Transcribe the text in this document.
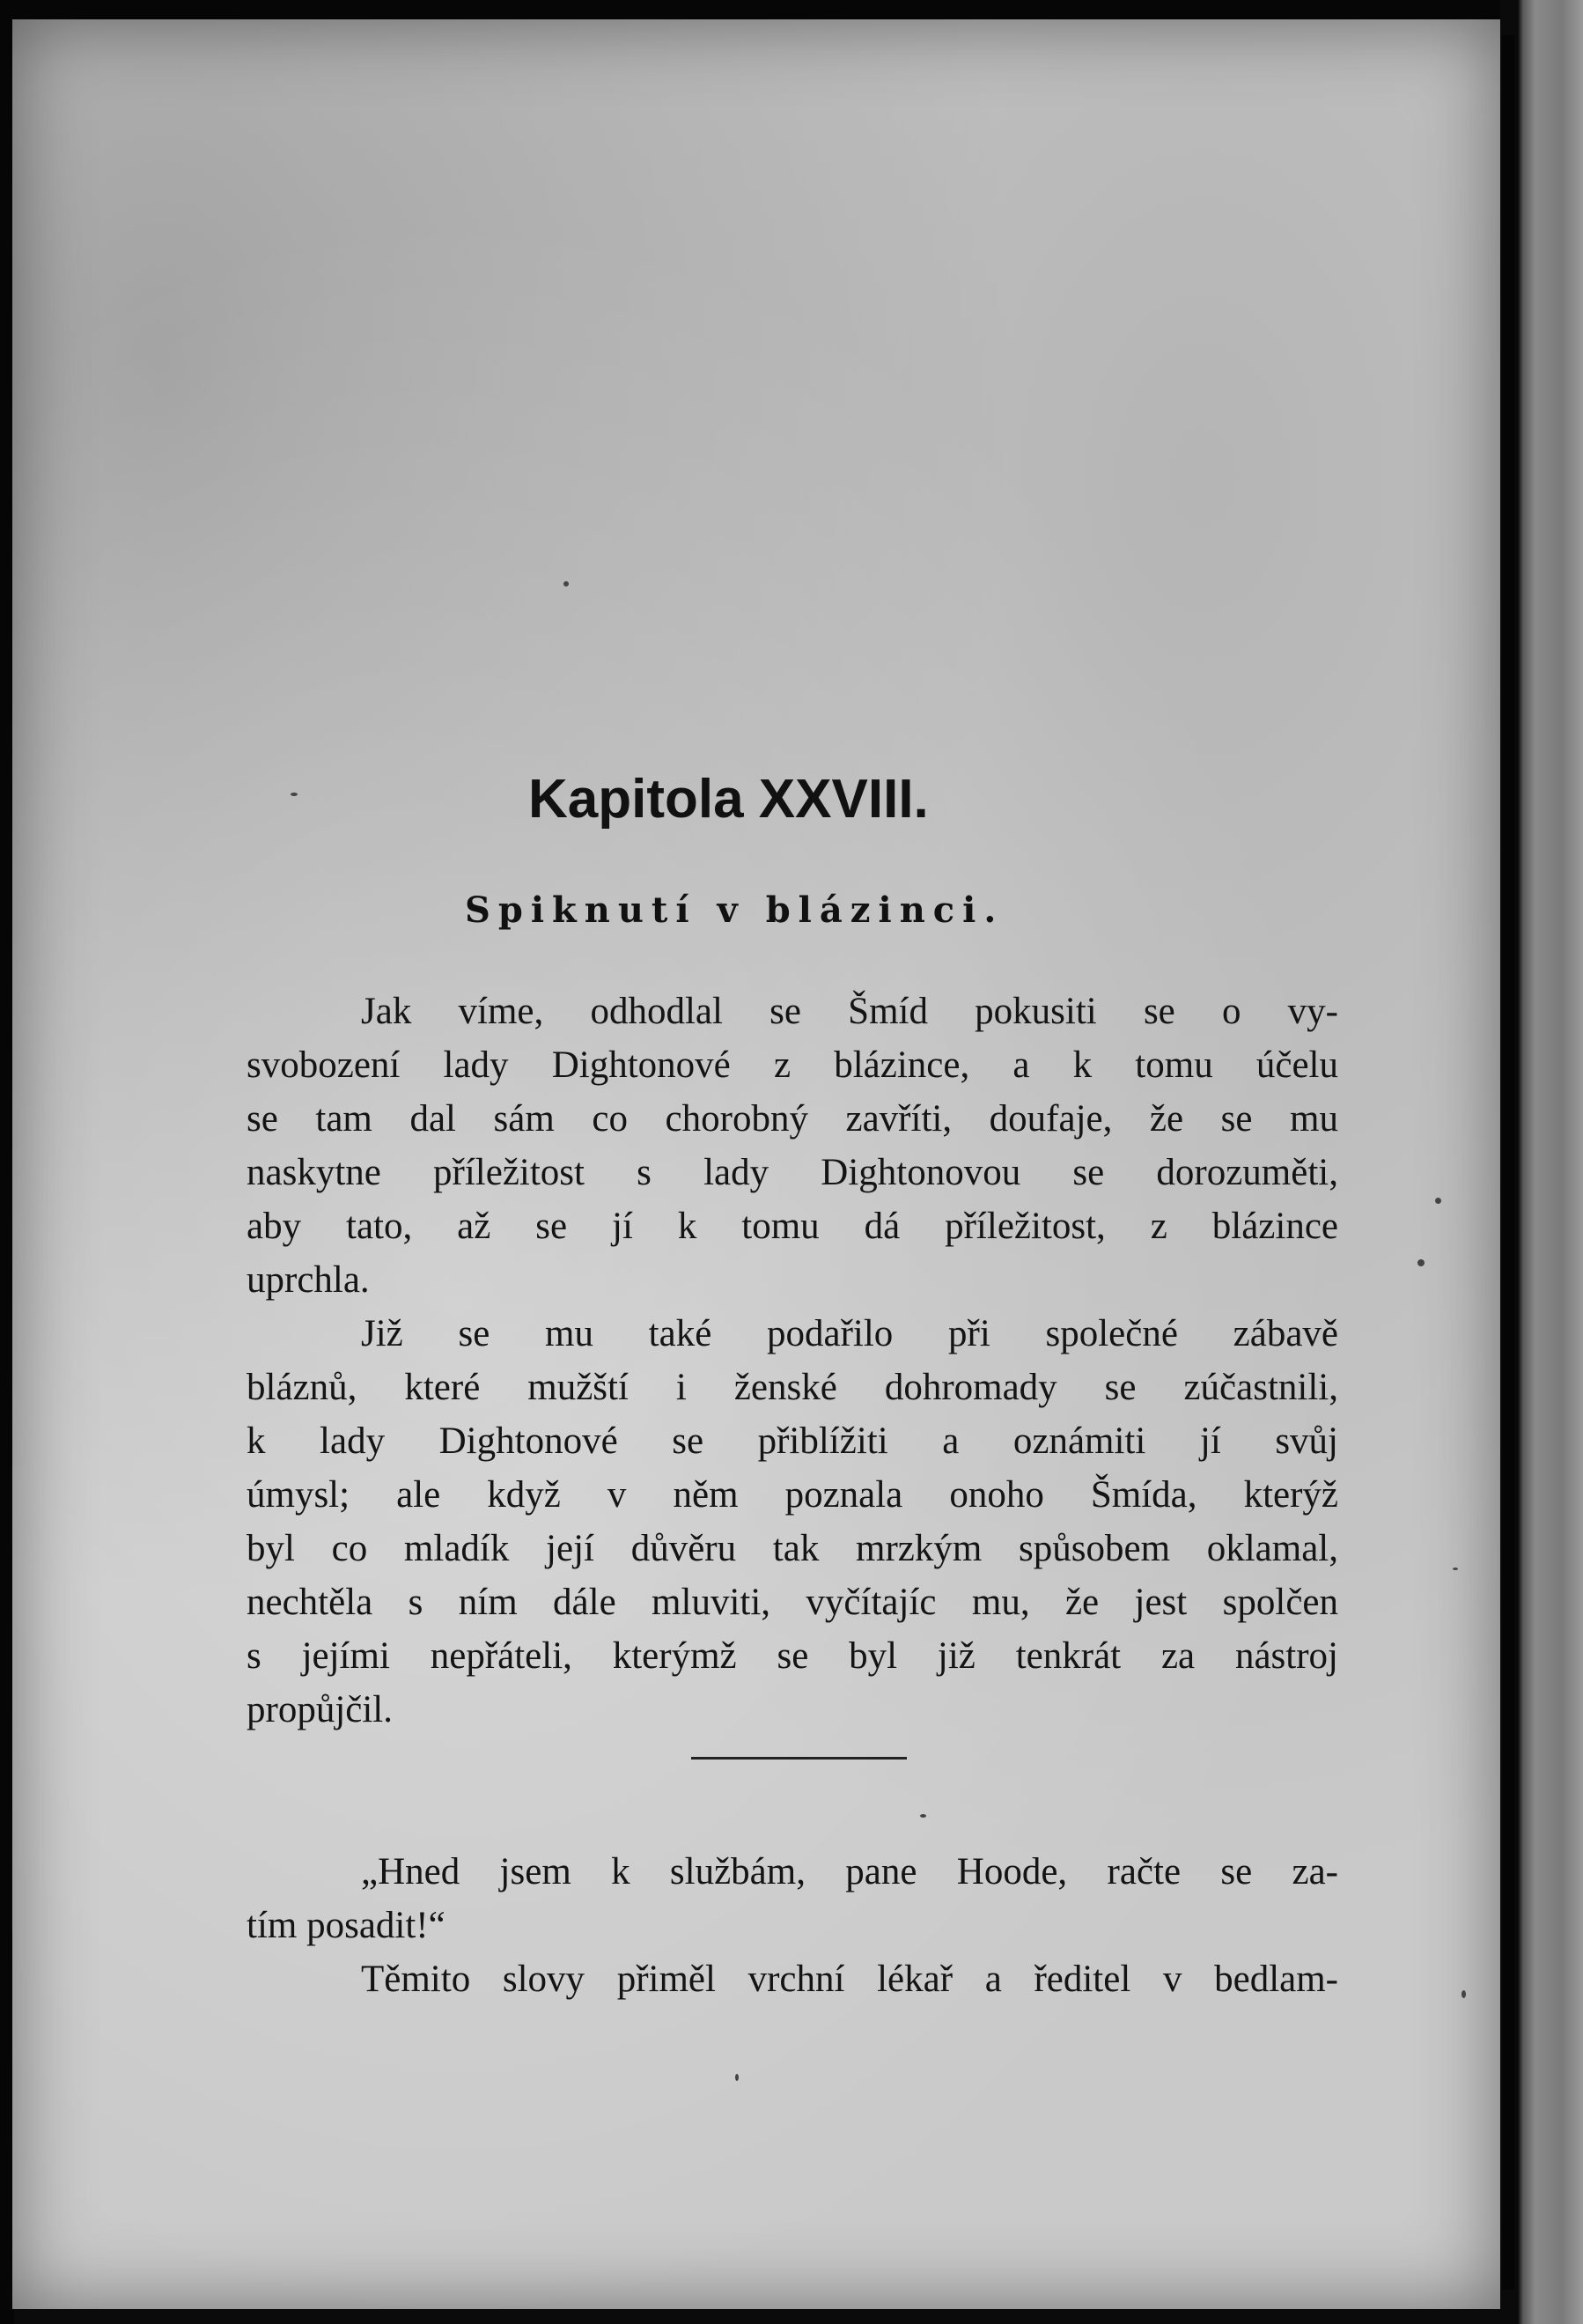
Kapitola XXVIII.
Spiknutí v blázinci.

Jak víme, odhodlal se Šmíd pokusiti se o vy-
svobození lady Dightonové z blázince, a k tomu účelu
se tam dal sám co chorobný zavříti, doufaje, že se mu
naskytne příležitost s lady Dightonovou se dorozuměti,
aby tato, až se jí k tomu dá příležitost, z blázince
uprchla.

Již se mu také podařilo při společné zábavě
bláznů, které mužští i ženské dohromady se zúčastnili,
k lady Dightonové se přiblížiti a oznámiti jí svůj
úmysl; ale když v něm poznala onoho Šmída, kterýž
byl co mladík její důvěru tak mrzkým spůsobem oklamal,
nechtěla s ním dále mluviti, vyčítajíc mu, že jest spolčen
s jejími nepřáteli, kterýmž se byl již tenkrát za nástroj
propůjčil.

„Hned jsem k službám, pane Hoode, račte se za-
tím posadit!“

Těmito slovy přiměl vrchní lékař a ředitel v bedlam-
